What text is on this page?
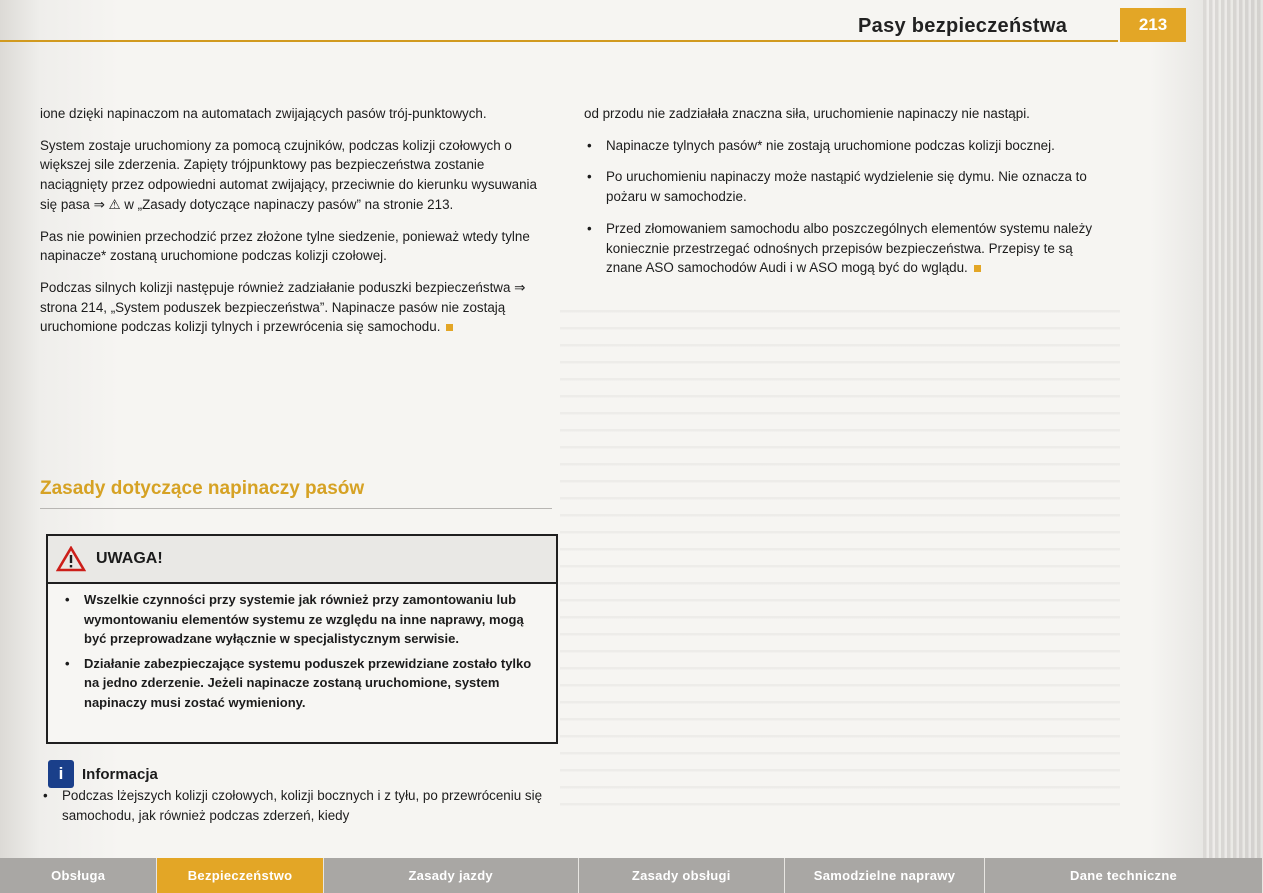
Pasy bezpieczeństwa	213

ione dzięki napinaczom na automatach zwijających pasów trój-punktowych.

System zostaje uruchomiony za pomocą czujników, podczas kolizji czołowych o większej sile zderzenia. Zapięty trójpunktowy pas bezpieczeństwa zostanie naciągnięty przez odpowiedni automat zwijający, przeciwnie do kierunku wysuwania się pasa ⇒ ⚠ w „Zasady dotyczące napinaczy pasów” na stronie 213.

Pas nie powinien przechodzić przez złożone tylne siedzenie, ponieważ wtedy tylne napinacze* zostaną uruchomione podczas kolizji czołowej.

Podczas silnych kolizji następuje również zadziałanie poduszki bezpieczeństwa ⇒ strona 214, „System poduszek bezpieczeństwa”. Napinacze pasów nie zostają uruchomione podczas kolizji tylnych i przewrócenia się samochodu.

Zasady dotyczące napinaczy pasów
UWAGA!

• Wszelkie czynności przy systemie jak również przy zamontowaniu lub wymontowaniu elementów systemu ze względu na inne naprawy, mogą być przeprowadzane wyłącznie w specjalistycznym serwisie.

• Działanie zabezpieczające systemu poduszek przewidziane zostało tylko na jedno zderzenie. Jeżeli napinacze zostaną uruchomione, system napinaczy musi zostać wymieniony.

i	Informacja

• Podczas lżejszych kolizji czołowych, kolizji bocznych i z tyłu, po przewróceniu się samochodu, jak również podczas zderzeń, kiedy

od przodu nie zadziałała znaczna siła, uruchomienie napinaczy nie nastąpi.

• Napinacze tylnych pasów* nie zostają uruchomione podczas kolizji bocznej.

• Po uruchomieniu napinaczy może nastąpić wydzielenie się dymu. Nie oznacza to pożaru w samochodzie.

• Przed złomowaniem samochodu albo poszczególnych elementów systemu należy koniecznie przestrzegać odnośnych przepisów bezpieczeństwa. Przepisy te są znane ASO samochodów Audi i w ASO mogą być do wglądu.

Obsługa	Bezpieczeństwo	Zasady jazdy	Zasady obsługi	Samodzielne naprawy	Dane techniczne
